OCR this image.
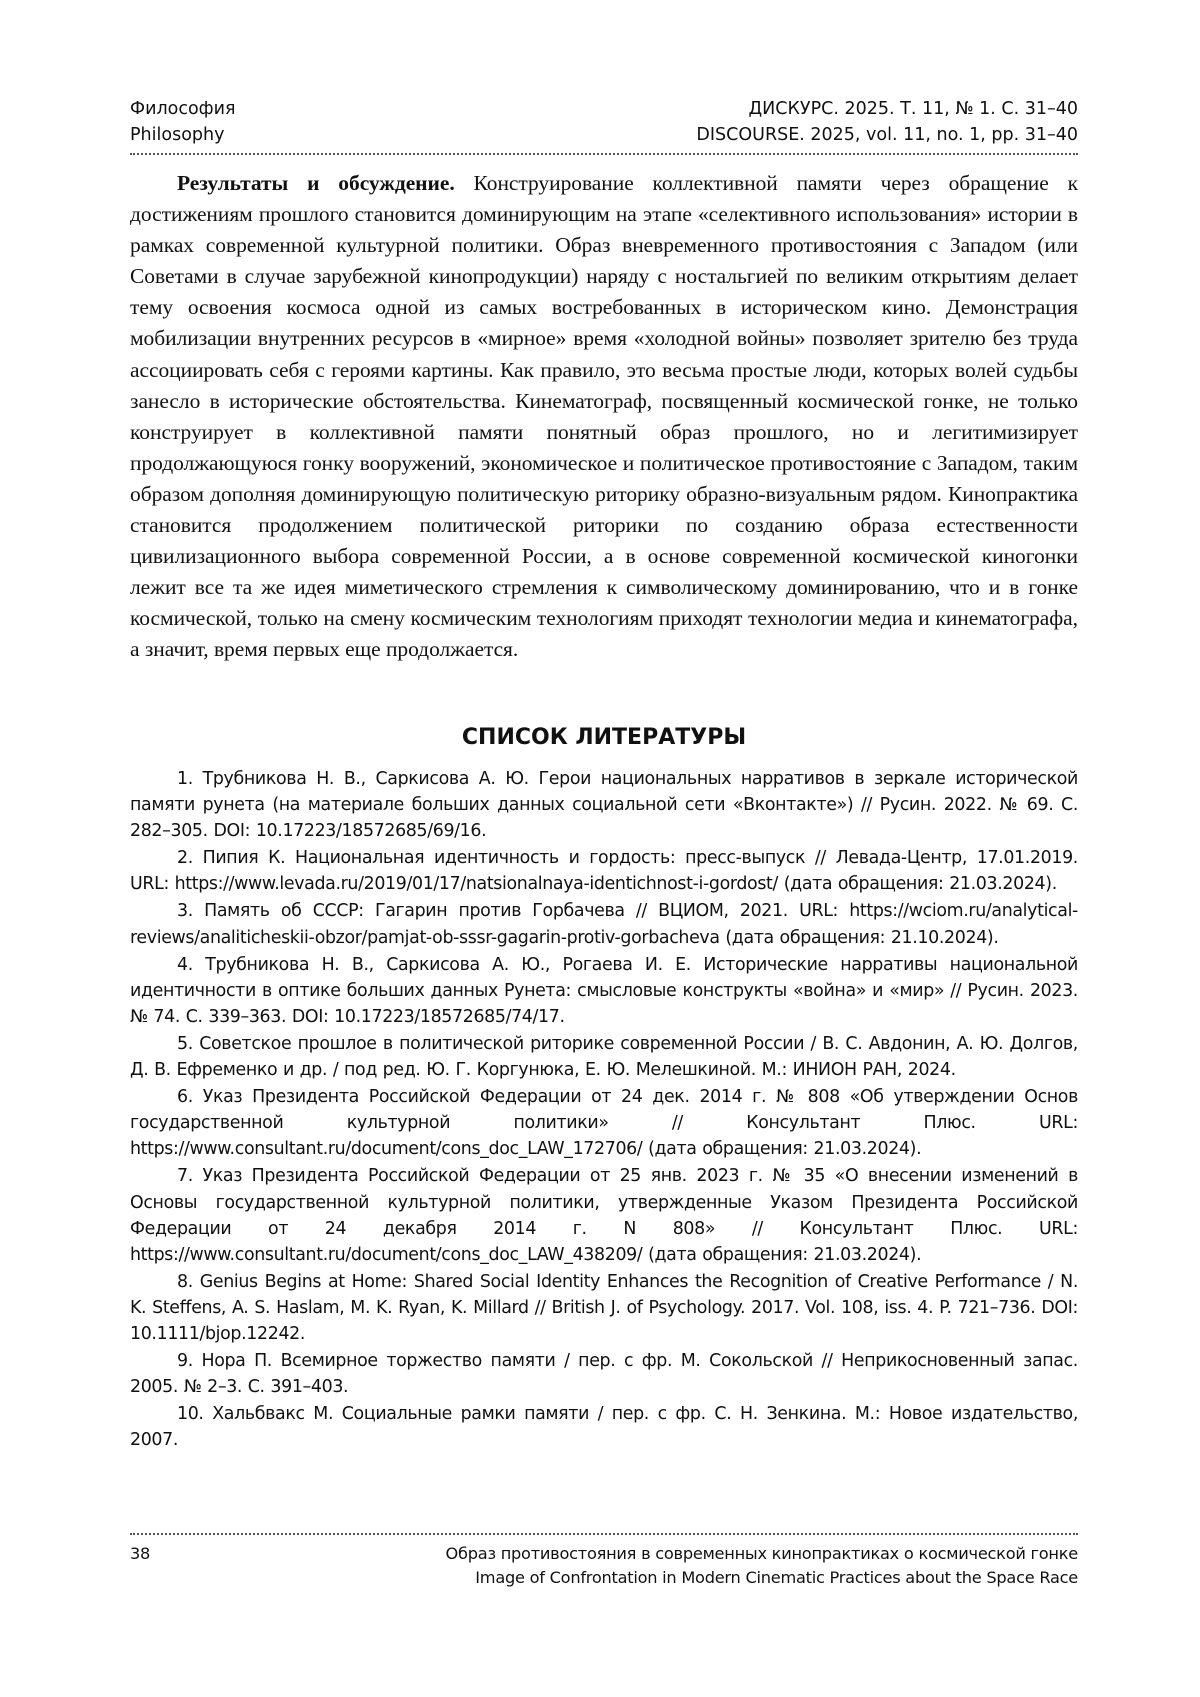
Философия
Philosophy
ДИСКУРС. 2025. Т. 11, № 1. С. 31–40
DISCOURSE. 2025, vol. 11, no. 1, pp. 31–40

Результаты и обсуждение. Конструирование коллективной памяти через обращение к достижениям прошлого становится доминирующим на этапе «селективного использования» истории в рамках современной культурной политики. Образ вневременного противостояния с Западом (или Советами в случае зарубежной кинопродукции) наряду с ностальгией по великим открытиям делает тему освоения космоса одной из самых востребованных в историческом кино. Демонстрация мобилизации внутренних ресурсов в «мирное» время «холодной войны» позволяет зрителю без труда ассоциировать себя с героями картины. Как правило, это весьма простые люди, которых волей судьбы занесло в исторические обстоятельства. Кинематограф, посвященный космической гонке, не только конструирует в коллективной памяти понятный образ прошлого, но и легитимизирует продолжающуюся гонку вооружений, экономическое и политическое противостояние с Западом, таким образом дополняя доминирующую политическую риторику образно-визуальным рядом. Кинопрактика становится продолжением политической риторики по созданию образа естественности цивилизационного выбора современной России, а в основе современной космической киногонки лежит все та же идея миметического стремления к символическому доминированию, что и в гонке космической, только на смену космическим технологиям приходят технологии медиа и кинематографа, а значит, время первых еще продолжается.

СПИСОК ЛИТЕРАТУРЫ

1. Трубникова Н. В., Саркисова А. Ю. Герои национальных нарративов в зеркале исторической памяти рунета (на материале больших данных социальной сети «Вконтакте») // Русин. 2022. № 69. С. 282–305. DOI: 10.17223/18572685/69/16.

2. Пипия К. Национальная идентичность и гордость: пресс-выпуск // Левада-Центр, 17.01.2019. URL: https://www.levada.ru/2019/01/17/natsionalnaya-identichnost-i-gordost/ (дата обращения: 21.03.2024).

3. Память об СССР: Гагарин против Горбачева // ВЦИОМ, 2021. URL: https://wciom.ru/analytical-reviews/analiticheskii-obzor/pamjat-ob-sssr-gagarin-protiv-gorbacheva (дата обращения: 21.10.2024).

4. Трубникова Н. В., Саркисова А. Ю., Рогаева И. Е. Исторические нарративы национальной идентичности в оптике больших данных Рунета: смысловые конструкты «война» и «мир» // Русин. 2023. № 74. С. 339–363. DOI: 10.17223/18572685/74/17.

5. Советское прошлое в политической риторике современной России / В. С. Авдонин, А. Ю. Долгов, Д. В. Ефременко и др. / под ред. Ю. Г. Коргунюка, Е. Ю. Мелешкиной. М.: ИНИОН РАН, 2024.

6. Указ Президента Российской Федерации от 24 дек. 2014 г. № 808 «Об утверждении Основ государственной культурной политики» // Консультант Плюс. URL: https://www.consultant.ru/document/cons_doc_LAW_172706/ (дата обращения: 21.03.2024).

7. Указ Президента Российской Федерации от 25 янв. 2023 г. № 35 «О внесении изменений в Основы государственной культурной политики, утвержденные Указом Президента Российской Федерации от 24 декабря 2014 г. N 808» // Консультант Плюс. URL: https://www.consultant.ru/document/cons_doc_LAW_438209/ (дата обращения: 21.03.2024).

8. Genius Begins at Home: Shared Social Identity Enhances the Recognition of Creative Performance / N. K. Steffens, A. S. Haslam, M. K. Ryan, K. Millard // British J. of Psychology. 2017. Vol. 108, iss. 4. P. 721–736. DOI: 10.1111/bjop.12242.

9. Нора П. Всемирное торжество памяти / пер. с фр. М. Сокольской // Неприкосновенный запас. 2005. № 2–3. С. 391–403.

10. Хальбвакс М. Социальные рамки памяти / пер. с фр. С. Н. Зенкина. М.: Новое издательство, 2007.

38	Образ противостояния в современных кинопрактиках о космической гонке
Image of Confrontation in Modern Cinematic Practices about the Space Race
